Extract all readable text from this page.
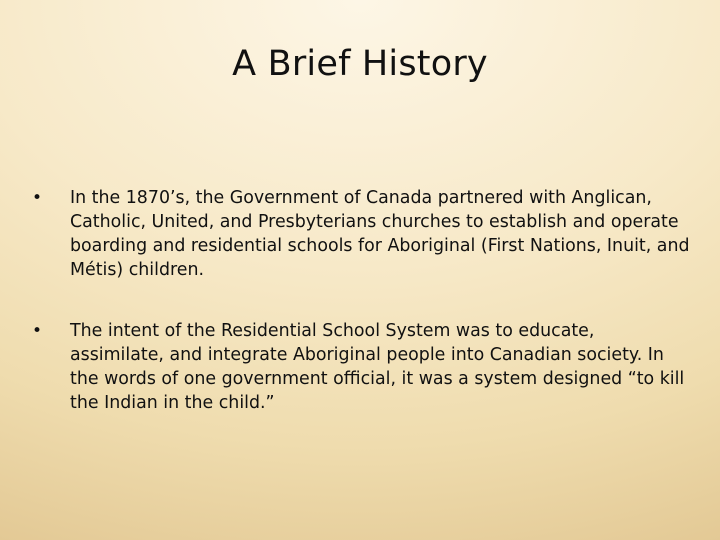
A Brief History
• In the 1870’s, the Government of Canada partnered with Anglican, Catholic, United, and Presbyterians churches to establish and operate boarding and residential schools for Aboriginal (First Nations, Inuit, and Métis) children.
• The intent of the Residential School System was to educate, assimilate, and integrate Aboriginal people into Canadian society. In the words of one government official, it was a system designed “to kill the Indian in the child.”
